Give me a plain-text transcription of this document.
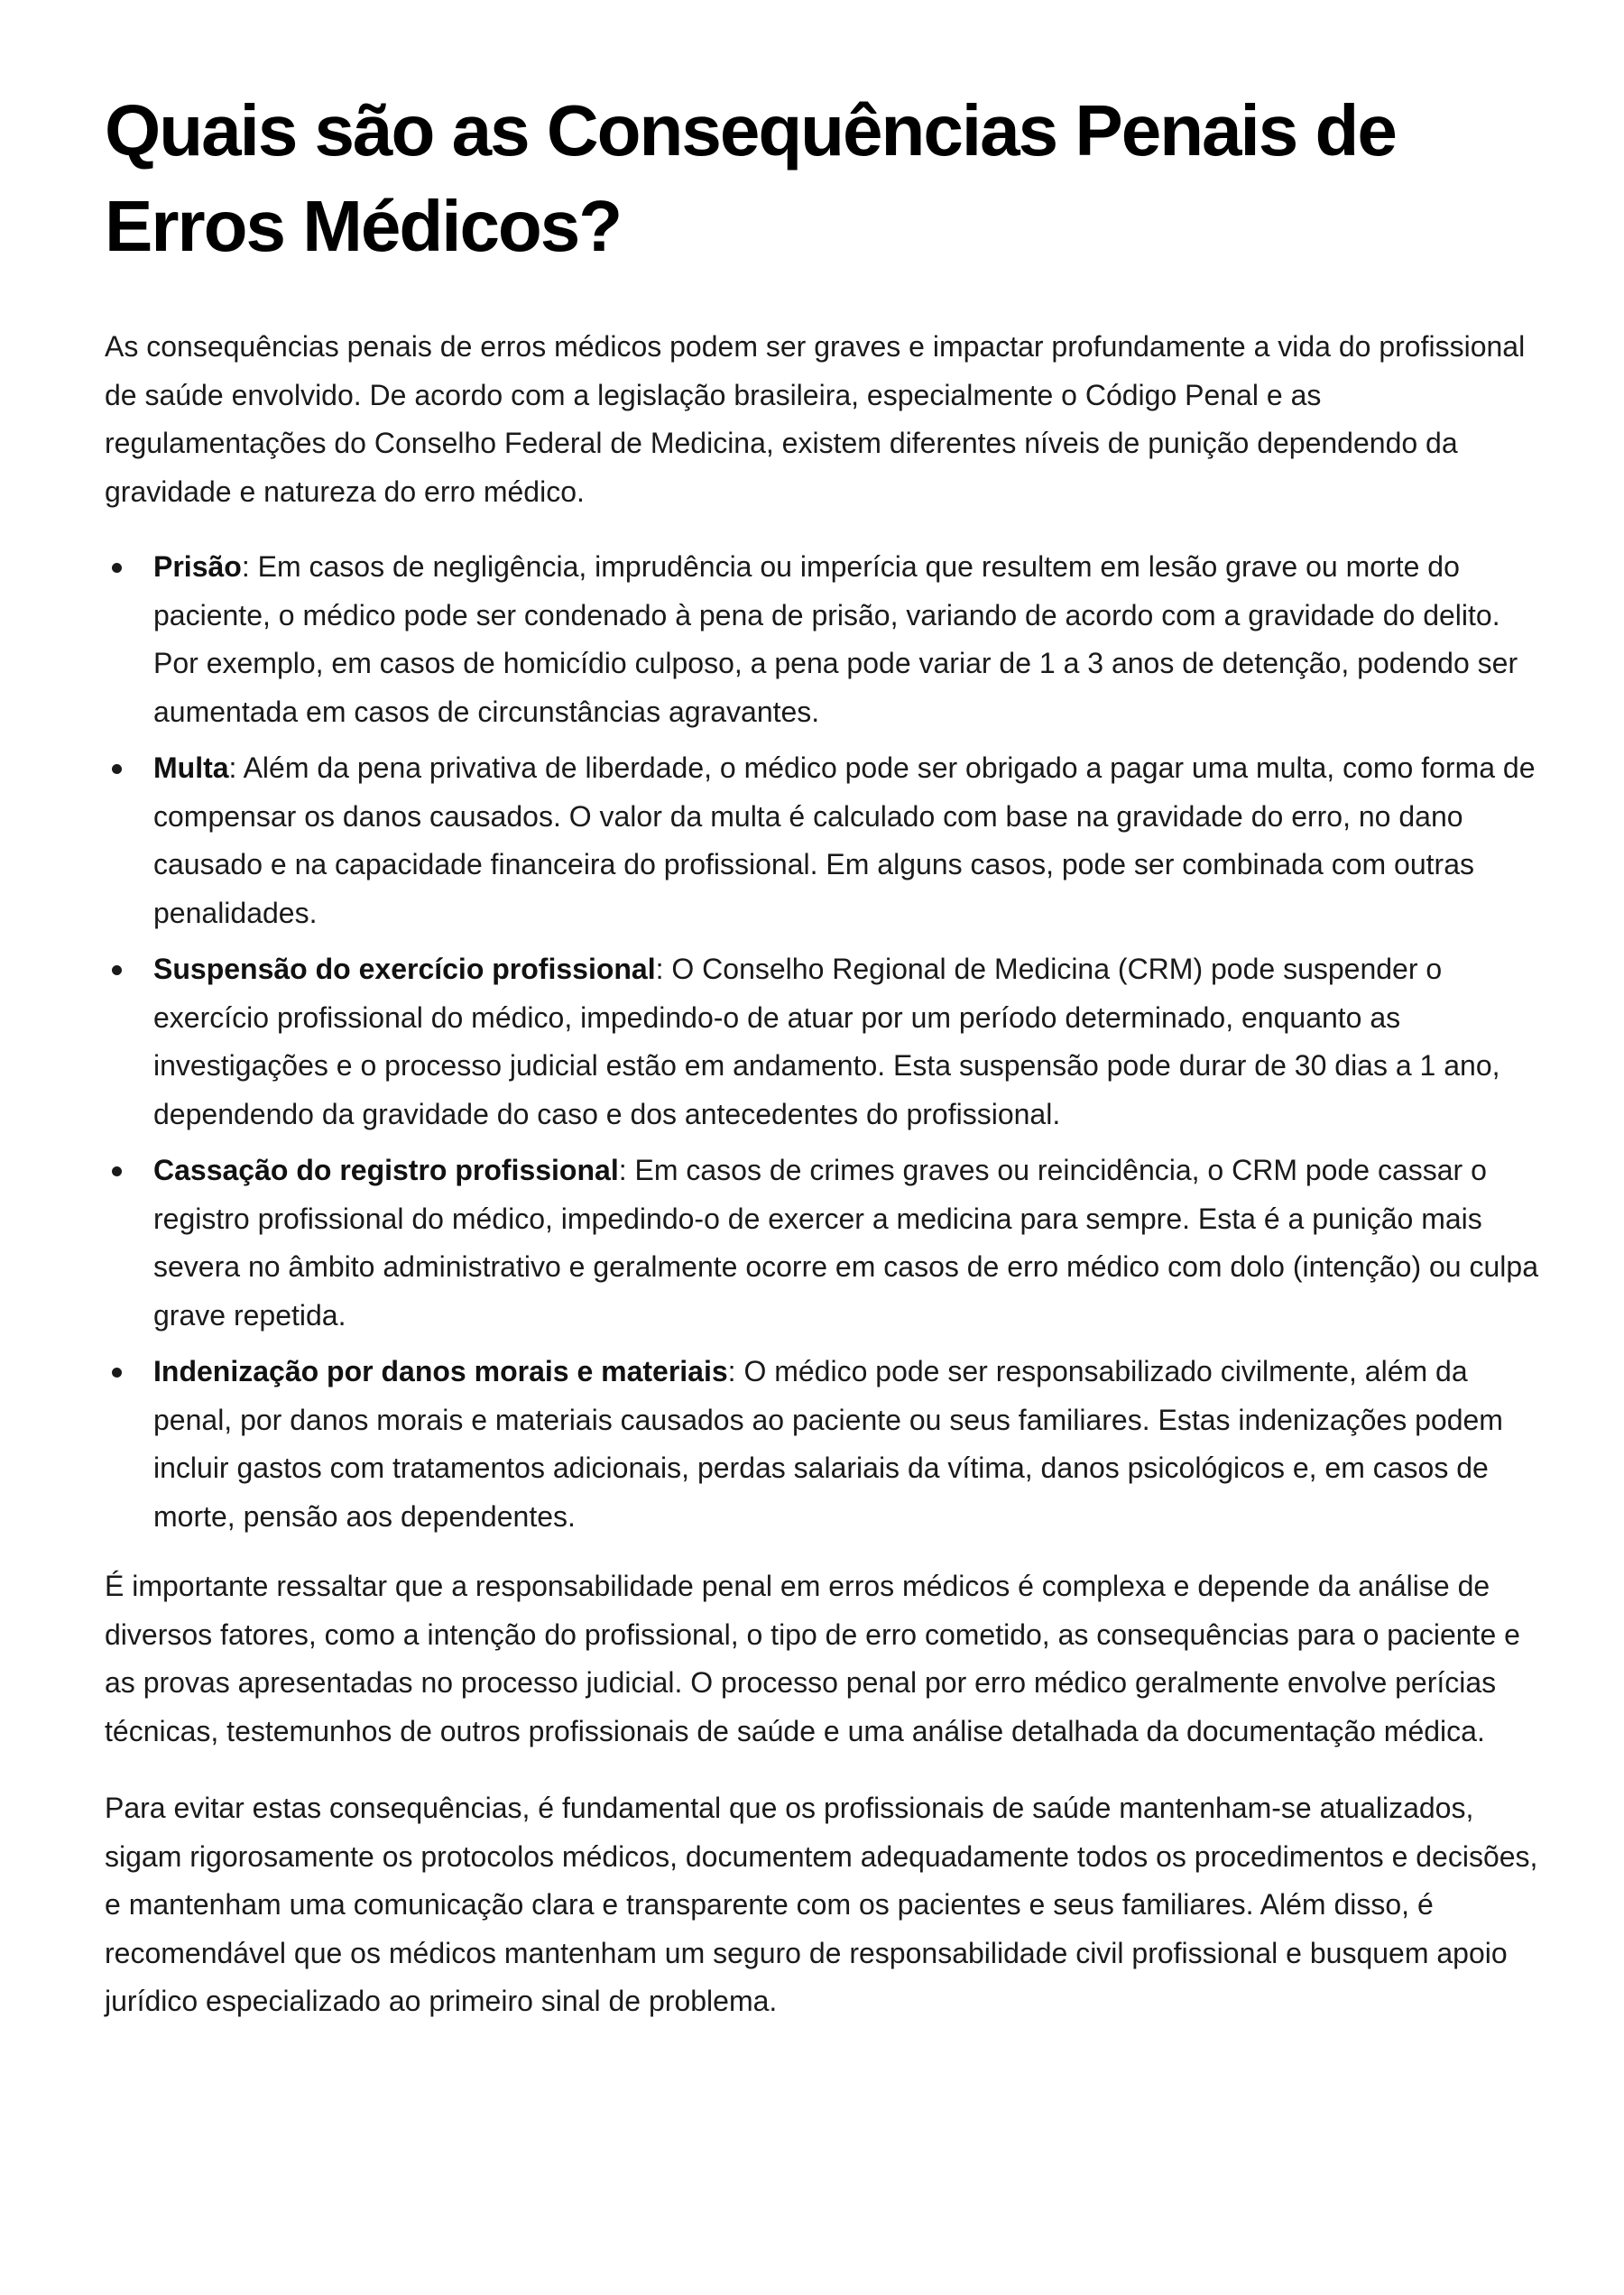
Quais são as Consequências Penais de Erros Médicos?

As consequências penais de erros médicos podem ser graves e impactar profundamente a vida do profissional de saúde envolvido. De acordo com a legislação brasileira, especialmente o Código Penal e as regulamentações do Conselho Federal de Medicina, existem diferentes níveis de punição dependendo da gravidade e natureza do erro médico.

Prisão: Em casos de negligência, imprudência ou imperícia que resultem em lesão grave ou morte do paciente, o médico pode ser condenado à pena de prisão, variando de acordo com a gravidade do delito. Por exemplo, em casos de homicídio culposo, a pena pode variar de 1 a 3 anos de detenção, podendo ser aumentada em casos de circunstâncias agravantes.
Multa: Além da pena privativa de liberdade, o médico pode ser obrigado a pagar uma multa, como forma de compensar os danos causados. O valor da multa é calculado com base na gravidade do erro, no dano causado e na capacidade financeira do profissional. Em alguns casos, pode ser combinada com outras penalidades.
Suspensão do exercício profissional: O Conselho Regional de Medicina (CRM) pode suspender o exercício profissional do médico, impedindo-o de atuar por um período determinado, enquanto as investigações e o processo judicial estão em andamento. Esta suspensão pode durar de 30 dias a 1 ano, dependendo da gravidade do caso e dos antecedentes do profissional.
Cassação do registro profissional: Em casos de crimes graves ou reincidência, o CRM pode cassar o registro profissional do médico, impedindo-o de exercer a medicina para sempre. Esta é a punição mais severa no âmbito administrativo e geralmente ocorre em casos de erro médico com dolo (intenção) ou culpa grave repetida.
Indenização por danos morais e materiais: O médico pode ser responsabilizado civilmente, além da penal, por danos morais e materiais causados ao paciente ou seus familiares. Estas indenizações podem incluir gastos com tratamentos adicionais, perdas salariais da vítima, danos psicológicos e, em casos de morte, pensão aos dependentes.

É importante ressaltar que a responsabilidade penal em erros médicos é complexa e depende da análise de diversos fatores, como a intenção do profissional, o tipo de erro cometido, as consequências para o paciente e as provas apresentadas no processo judicial. O processo penal por erro médico geralmente envolve perícias técnicas, testemunhos de outros profissionais de saúde e uma análise detalhada da documentação médica.

Para evitar estas consequências, é fundamental que os profissionais de saúde mantenham-se atualizados, sigam rigorosamente os protocolos médicos, documentem adequadamente todos os procedimentos e decisões, e mantenham uma comunicação clara e transparente com os pacientes e seus familiares. Além disso, é recomendável que os médicos mantenham um seguro de responsabilidade civil profissional e busquem apoio jurídico especializado ao primeiro sinal de problema.
